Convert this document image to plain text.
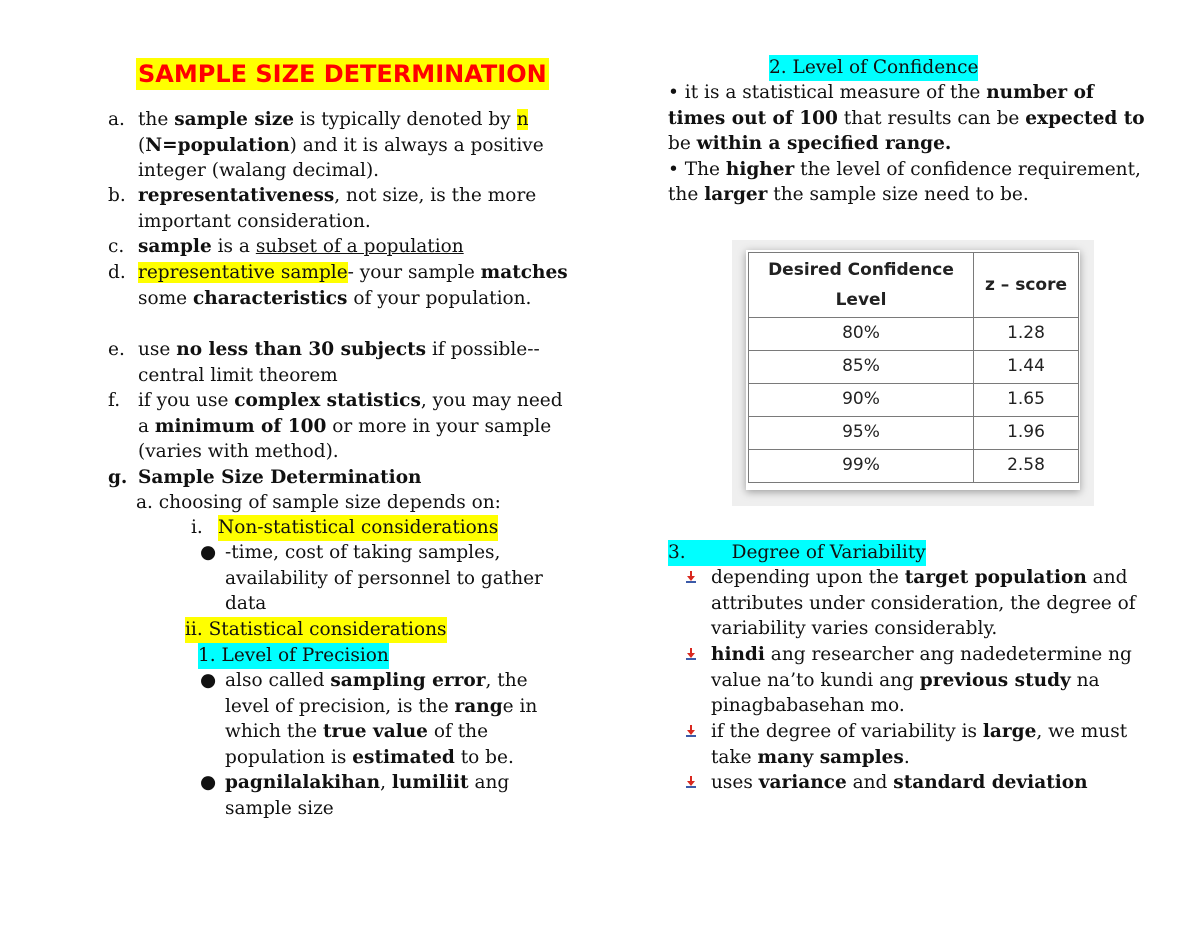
SAMPLE SIZE DETERMINATION
a. the sample size is typically denoted by n (N=population) and it is always a positive integer (walang decimal).
b. representativeness, not size, is the more important consideration.
c. sample is a subset of a population
d. representative sample- your sample matches some characteristics of your population.
e. use no less than 30 subjects if possible-- central limit theorem
f. if you use complex statistics, you may need a minimum of 100 or more in your sample (varies with method).
g. Sample Size Determination
a. choosing of sample size depends on:
i. Non-statistical considerations
● -time, cost of taking samples, availability of personnel to gather data
ii. Statistical considerations
1. Level of Precision
● also called sampling error, the level of precision, is the range in which the true value of the population is estimated to be.
● pagnilalakihan, lumiliit ang sample size
2. Level of Confidence
• it is a statistical measure of the number of times out of 100 that results can be expected to be within a specified range.
• The higher the level of confidence requirement, the larger the sample size need to be.
Desired Confidence Level	z – score
80%	1.28
85%	1.44
90%	1.65
95%	1.96
99%	2.58
3. Degree of Variability
depending upon the target population and attributes under consideration, the degree of variability varies considerably.
hindi ang researcher ang nadedetermine ng value na’to kundi ang previous study na pinagbabasehan mo.
if the degree of variability is large, we must take many samples.
uses variance and standard deviation
